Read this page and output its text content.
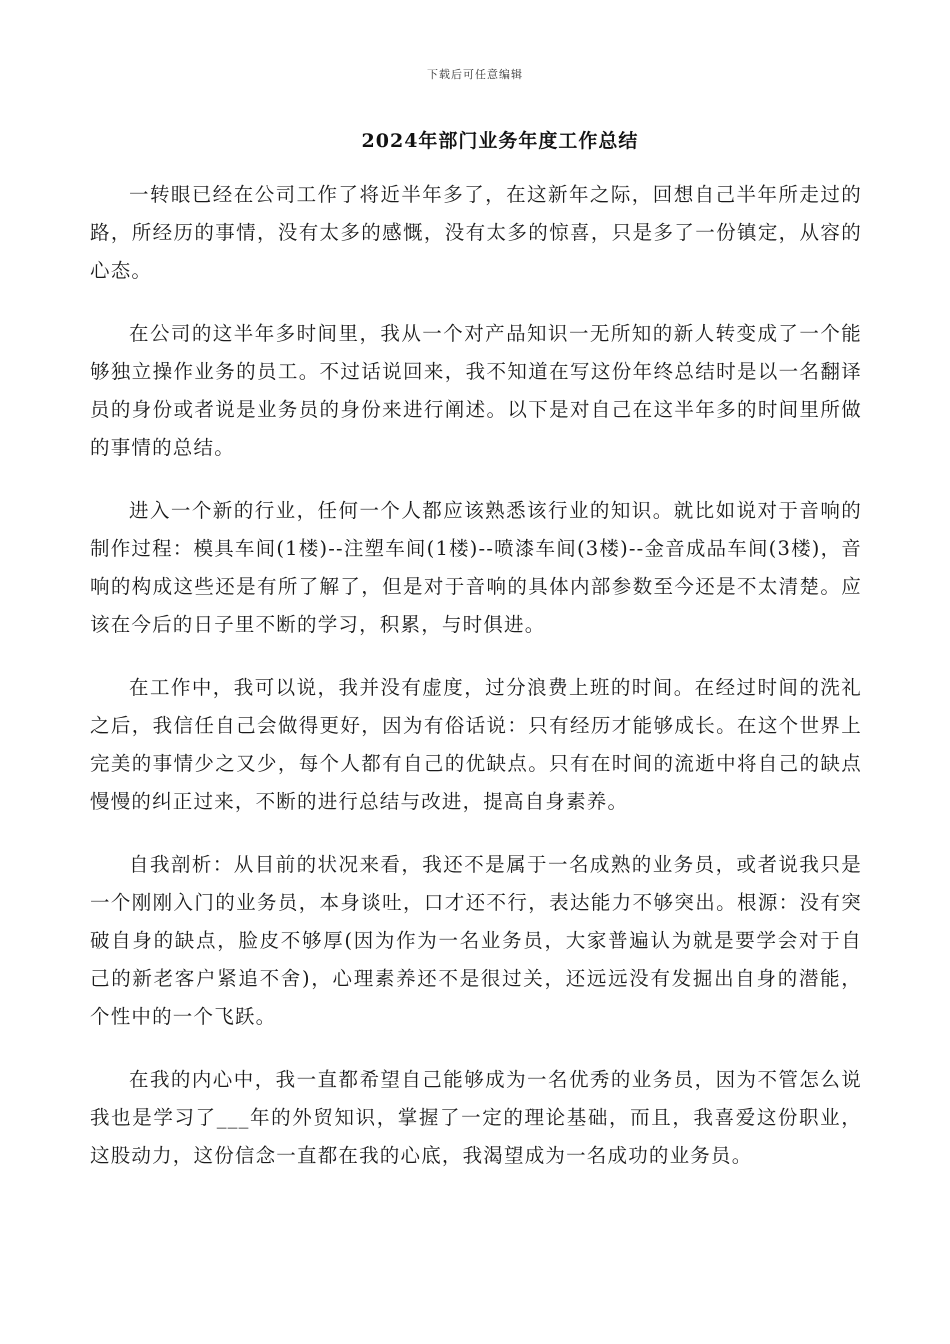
下载后可任意编辑
2024年部门业务年度工作总结

一转眼已经在公司工作了将近半年多了，在这新年之际，回想自己半年所走过的路，所经历的事情，没有太多的感慨，没有太多的惊喜，只是多了一份镇定，从容的心态。

在公司的这半年多时间里，我从一个对产品知识一无所知的新人转变成了一个能够独立操作业务的员工。不过话说回来，我不知道在写这份年终总结时是以一名翻译员的身份或者说是业务员的身份来进行阐述。以下是对自己在这半年多的时间里所做的事情的总结。

进入一个新的行业，任何一个人都应该熟悉该行业的知识。就比如说对于音响的制作过程：模具车间(1楼)--注塑车间(1楼)--喷漆车间(3楼)--金音成品车间(3楼)，音响的构成这些还是有所了解了，但是对于音响的具体内部参数至今还是不太清楚。应该在今后的日子里不断的学习，积累，与时俱进。

在工作中，我可以说，我并没有虚度，过分浪费上班的时间。在经过时间的洗礼之后，我信任自己会做得更好，因为有俗话说：只有经历才能够成长。在这个世界上完美的事情少之又少，每个人都有自己的优缺点。只有在时间的流逝中将自己的缺点慢慢的纠正过来，不断的进行总结与改进，提高自身素养。

自我剖析：从目前的状况来看，我还不是属于一名成熟的业务员，或者说我只是一个刚刚入门的业务员，本身谈吐，口才还不行，表达能力不够突出。根源：没有突破自身的缺点，脸皮不够厚(因为作为一名业务员，大家普遍认为就是要学会对于自己的新老客户紧追不舍)，心理素养还不是很过关，还远远没有发掘出自身的潜能，个性中的一个飞跃。

在我的内心中，我一直都希望自己能够成为一名优秀的业务员，因为不管怎么说我也是学习了___年的外贸知识，掌握了一定的理论基础，而且，我喜爱这份职业，这股动力，这份信念一直都在我的心底，我渴望成为一名成功的业务员。
